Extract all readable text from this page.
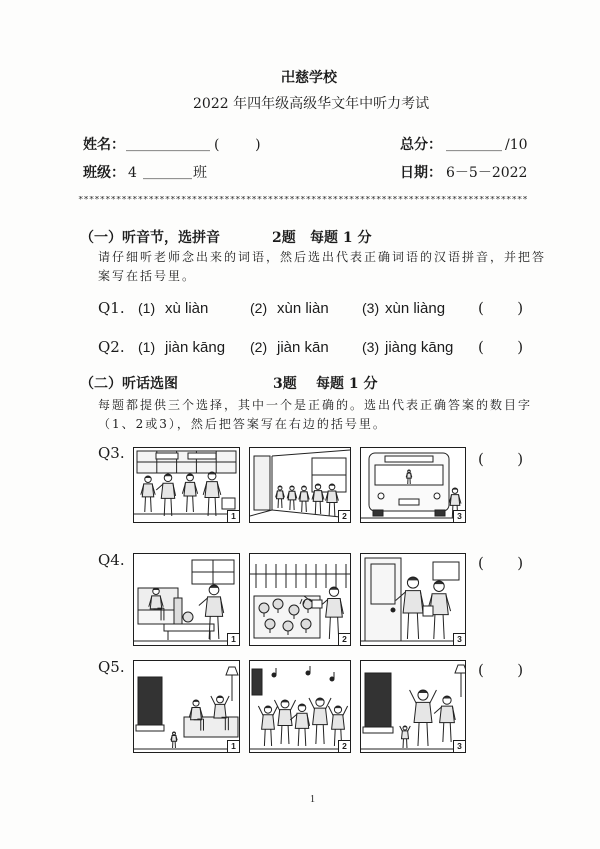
卍慈学校
2022 年四年级高级华文年中听力考试
姓名： ____________ (        )	总分： ________ /10
班级： 4 _______ 班	日期： 6－5－2022
***********************************************************************************
（一）听音节，选拼音	2题 每题 1 分
请仔细听老师念出来的词语，然后选出代表正确词语的汉语拼音，并把答
案写在括号里。
Q1. (1) xù liàn	(2) xùn liàn (3) xùn liàng (       )
Q2. (1) jiàn kāng (2) jiàn kān (3) jiàng kāng (       )
（二）听话选图	3题 每题 1 分
每题都提供三个选择，其中一个是正确的。选出代表正确答案的数目字
（1、2或3），然后把答案写在右边的括号里。
Q3.
1	2	3
(       )
Q4.
1	2	3
(       )
Q5.
1	2	3
(       )
1
